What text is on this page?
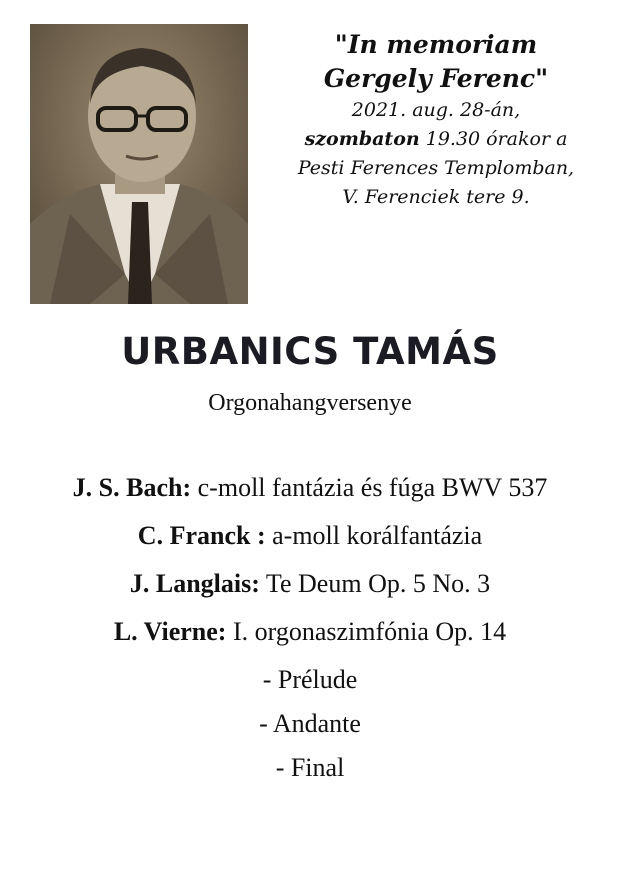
"In memoriam
Gergely Ferenc"
2021. aug. 28-án,
szombaton 19.30 órakor a
Pesti Ferences Templomban,
V. Ferenciek tere 9.
URBANICS TAMÁS
Orgonahangversenye
J. S. Bach: c-moll fantázia és fúga BWV 537
C. Franck : a-moll korálfantázia
J. Langlais: Te Deum Op. 5 No. 3
L. Vierne: I. orgonaszimfónia Op. 14
- Prélude
- Andante
- Final
